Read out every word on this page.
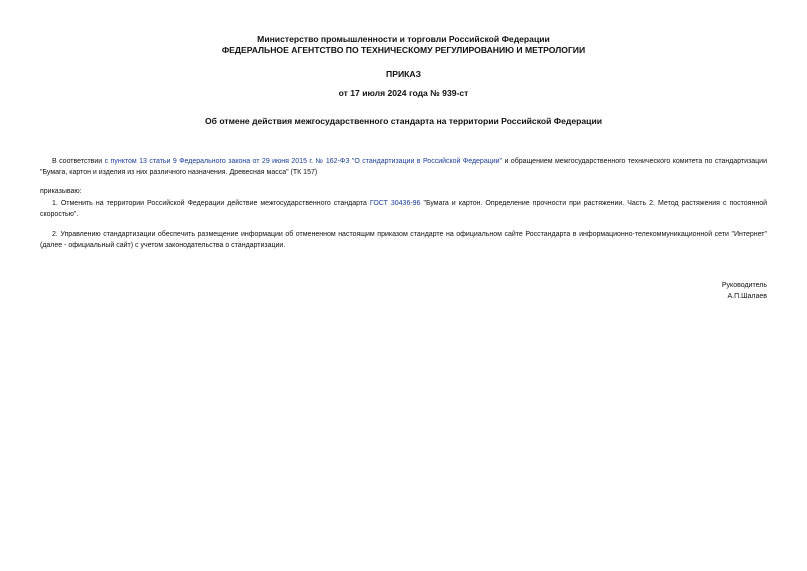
Министерство промышленности и торговли Российской Федерации
ФЕДЕРАЛЬНОЕ АГЕНТСТВО ПО ТЕХНИЧЕСКОМУ РЕГУЛИРОВАНИЮ И МЕТРОЛОГИИ
ПРИКАЗ
от 17 июля 2024 года № 939-ст
Об отмене действия межгосударственного стандарта на территории Российской Федерации
В соответствии с пунктом 13 статьи 9 Федерального закона от 29 июня 2015 г. № 162-ФЗ "О стандартизации в Российской Федерации" и обращением межгосударственного технического комитета по стандартизации "Бумага, картон и изделия из них различного назначения. Древесная масса" (ТК 157)
приказываю:
1. Отменить на территории Российской Федерации действие межгосударственного стандарта ГОСТ 30436-96 "Бумага и картон. Определение прочности при растяжении. Часть 2. Метод растяжения с постоянной скоростью".
2. Управлению стандартизации обеспечить размещение информации об отмененном настоящим приказом стандарте на официальном сайте Росстандарта в информационно-телекоммуникационной сети "Интернет" (далее - официальный сайт) с учетом законодательства о стандартизации.
Руководитель
А.П.Шалаев
